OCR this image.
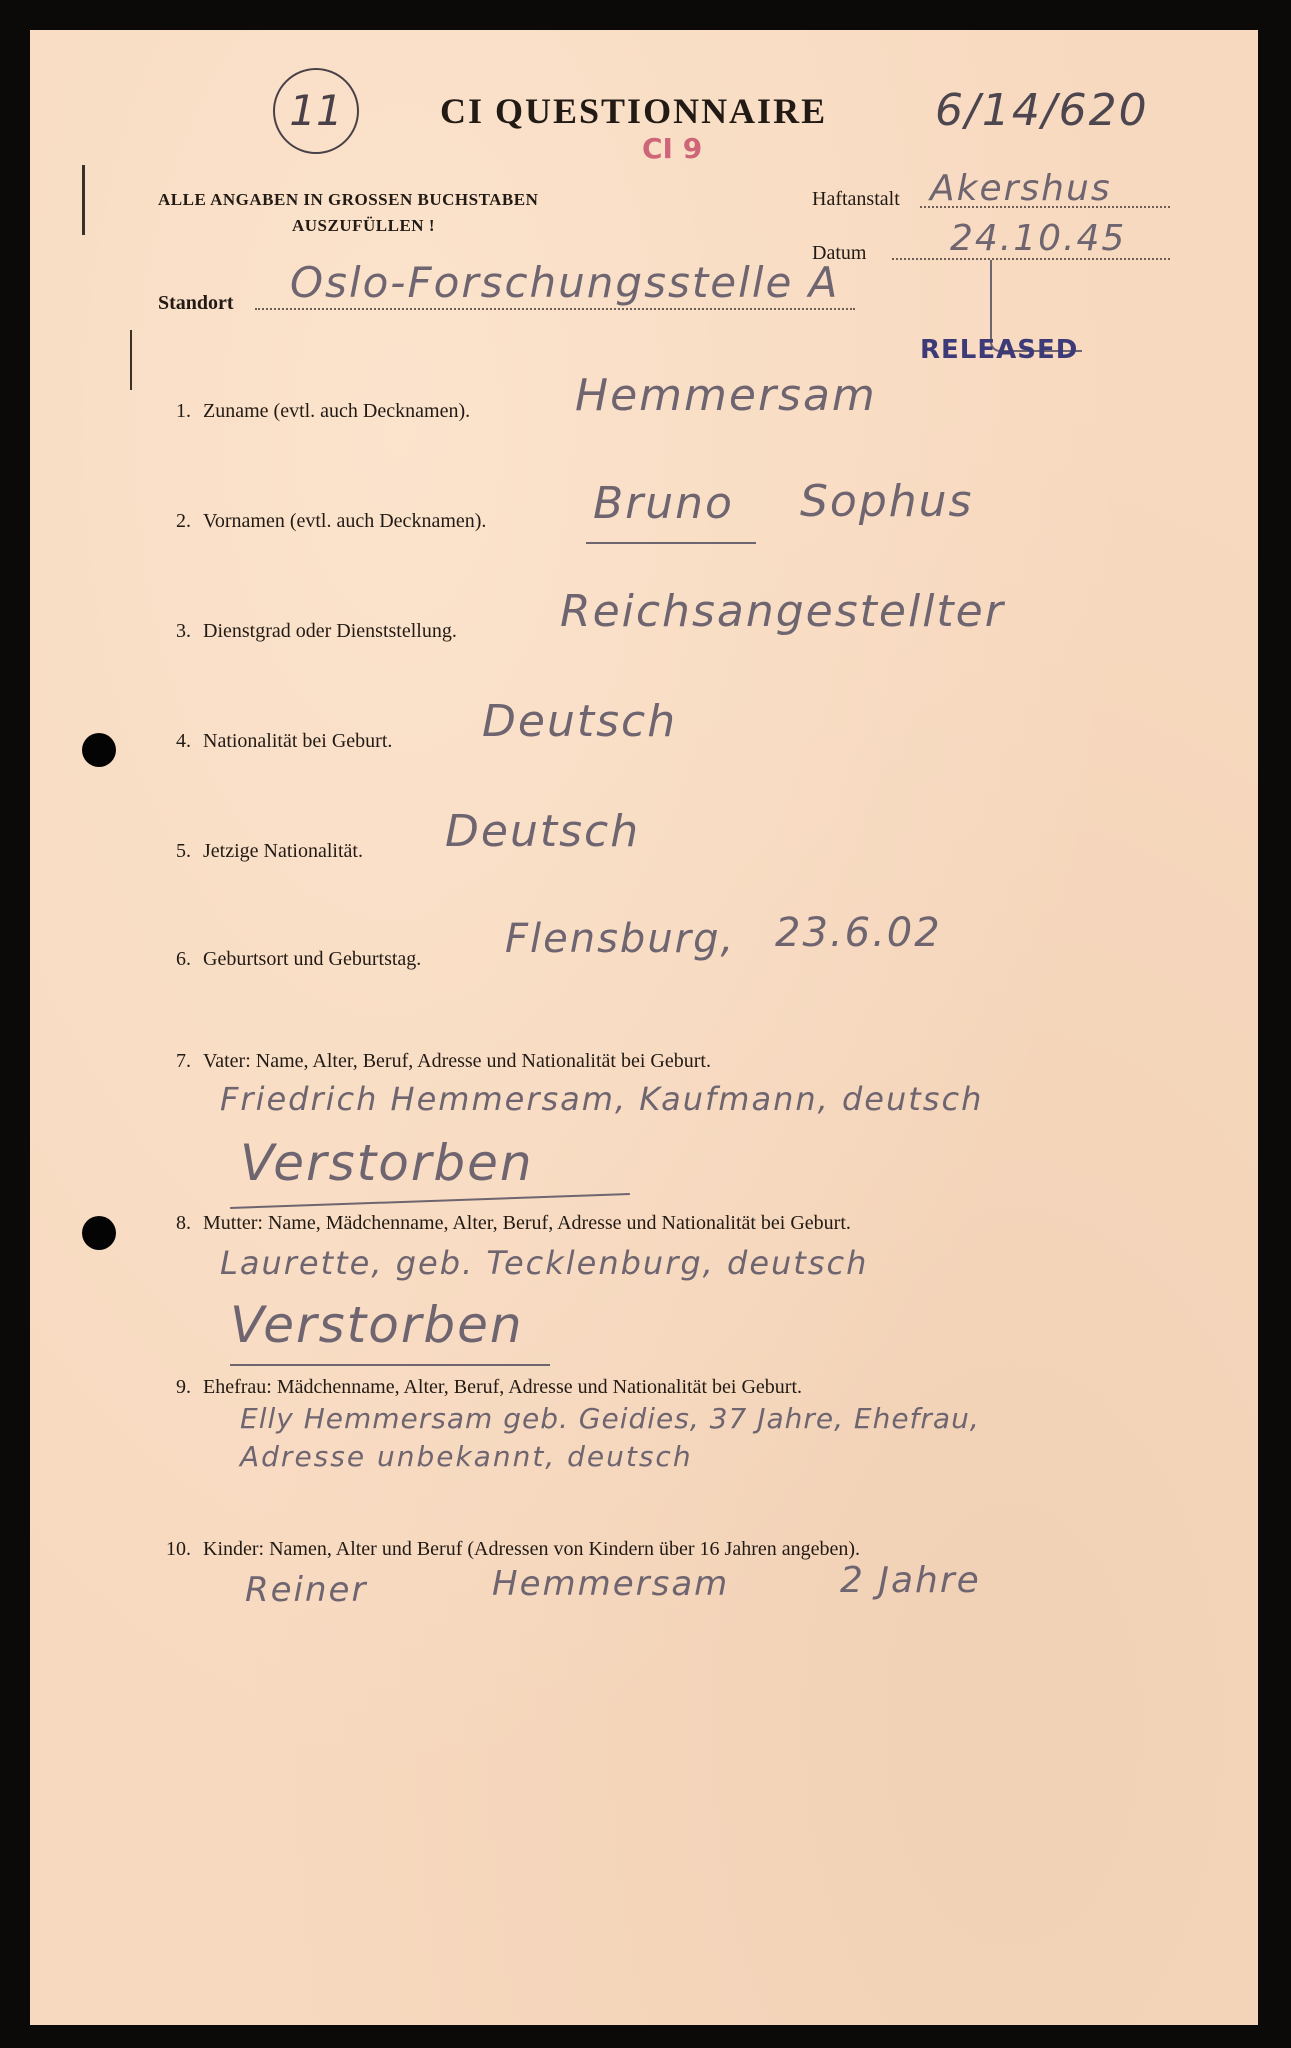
11	CI QUESTIONNAIRE 6/14/620
CI 9
ALLE ANGABEN IN GROSSEN BUCHSTABEN
AUSZUFÜLLEN !
Haftanstalt Akershus
Datum 24.10.45
Standort Oslo-Forschungsstelle A
RELEASED
1. Zuname (evtl. auch Decknamen). Hemmersam
2. Vornamen (evtl. auch Decknamen). Bruno Sophus
3. Dienstgrad oder Dienststellung. Reichsangestellter
4. Nationalität bei Geburt. Deutsch
5. Jetzige Nationalität. Deutsch
6. Geburtsort und Geburtstag. Flensburg, 23.6.02
7. Vater: Name, Alter, Beruf, Adresse und Nationalität bei Geburt.
Friedrich Hemmersam, Kaufmann, deutsch
Verstorben
8. Mutter: Name, Mädchenname, Alter, Beruf, Adresse und Nationalität bei Geburt.
Laurette, geb. Tecklenburg, deutsch
Verstorben
9. Ehefrau: Mädchenname, Alter, Beruf, Adresse und Nationalität bei Geburt.
Elly Hemmersam geb. Geidies, 37 Jahre, Ehefrau,
Adresse unbekannt, deutsch
10. Kinder: Namen, Alter und Beruf (Adressen von Kindern über 16 Jahren angeben).
Reiner	Hemmersam	2 Jahre
